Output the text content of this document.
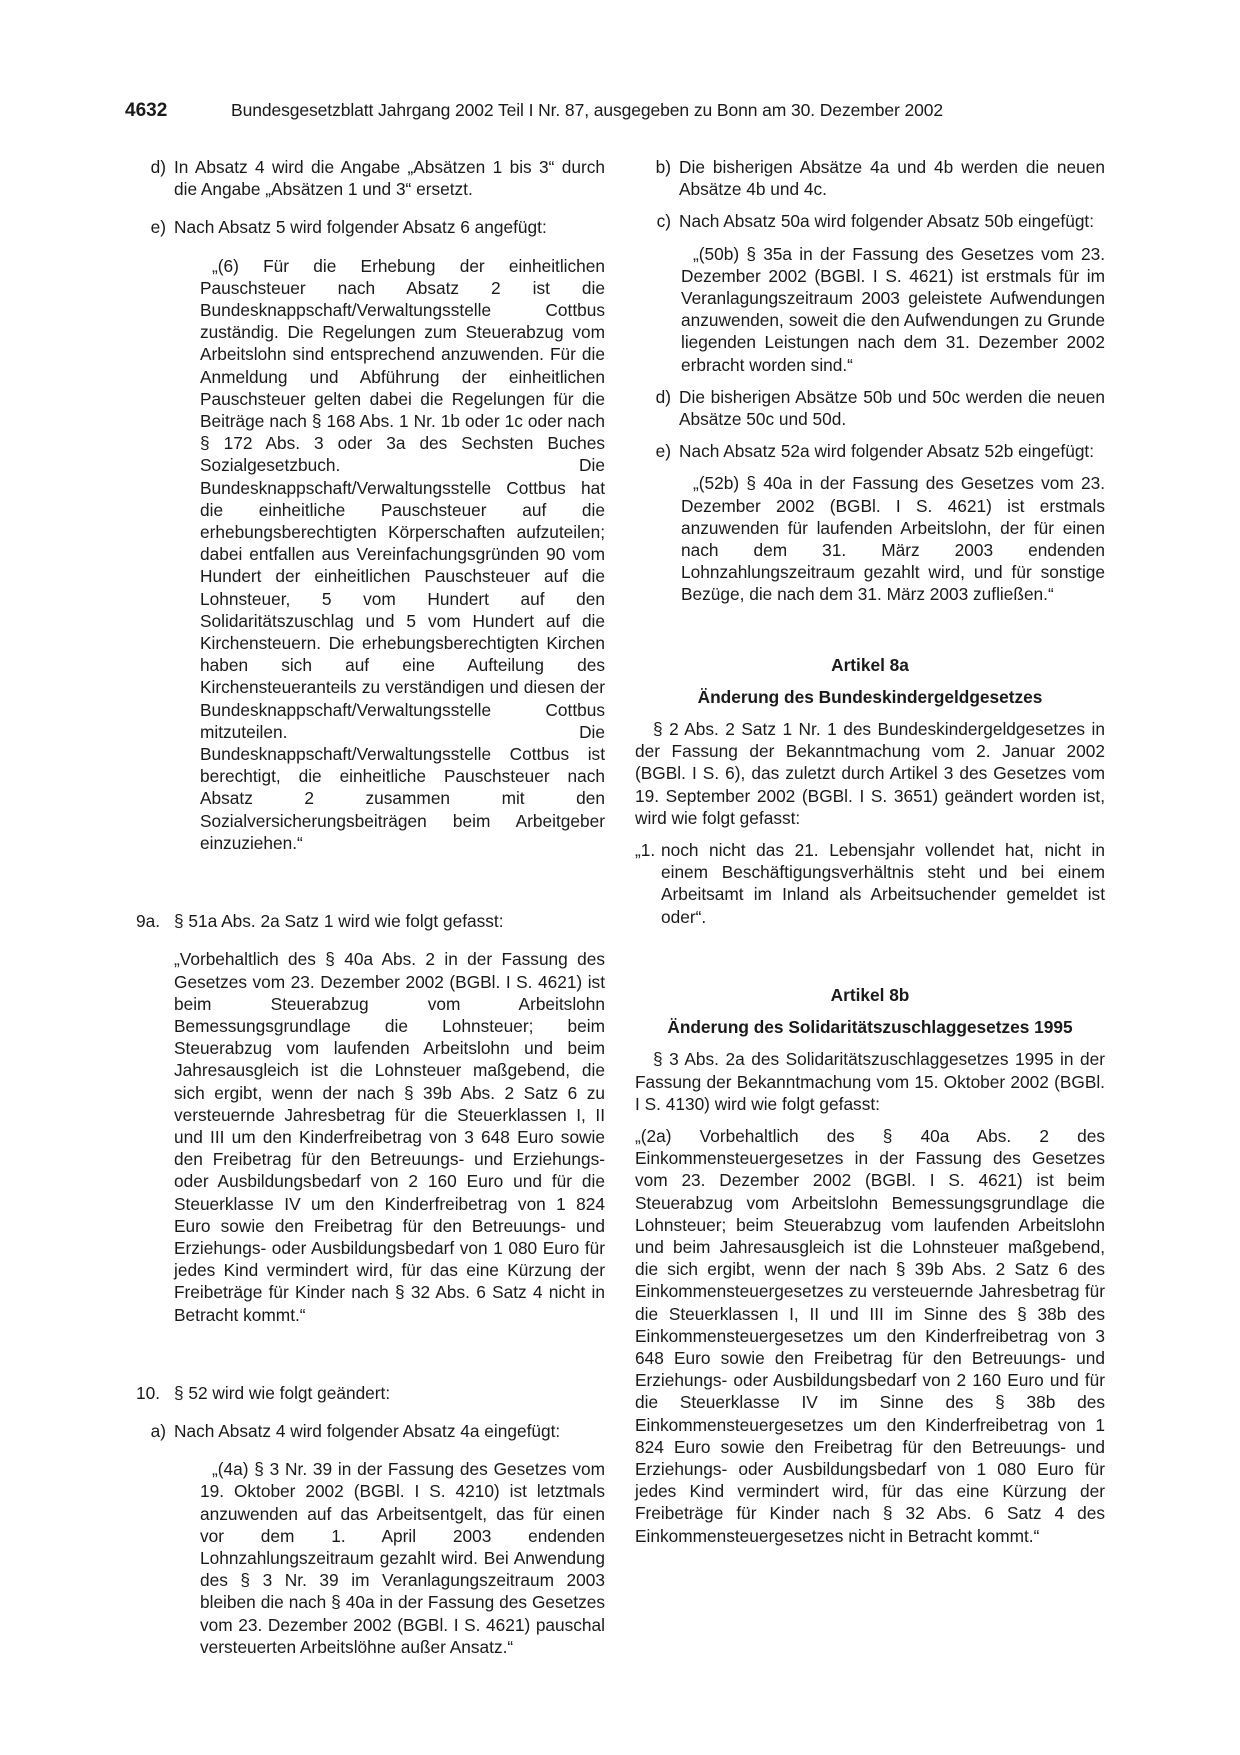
4632	Bundesgesetzblatt Jahrgang 2002 Teil I Nr. 87, ausgegeben zu Bonn am 30. Dezember 2002
d) In Absatz 4 wird die Angabe „Absätzen 1 bis 3“ durch die Angabe „Absätzen 1 und 3“ ersetzt.
e) Nach Absatz 5 wird folgender Absatz 6 angefügt:
„(6) Für die Erhebung der einheitlichen Pauschsteuer nach Absatz 2 ist die Bundesknappschaft/Verwaltungsstelle Cottbus zuständig. Die Regelungen zum Steuerabzug vom Arbeitslohn sind entsprechend anzuwenden. Für die Anmeldung und Abführung der einheitlichen Pauschsteuer gelten dabei die Regelungen für die Beiträge nach § 168 Abs. 1 Nr. 1b oder 1c oder nach § 172 Abs. 3 oder 3a des Sechsten Buches Sozialgesetzbuch. Die Bundesknappschaft/Verwaltungsstelle Cottbus hat die einheitliche Pauschsteuer auf die erhebungsberechtigten Körperschaften aufzuteilen; dabei entfallen aus Vereinfachungsgründen 90 vom Hundert der einheitlichen Pauschsteuer auf die Lohnsteuer, 5 vom Hundert auf den Solidaritätszuschlag und 5 vom Hundert auf die Kirchensteuern. Die erhebungsberechtigten Kirchen haben sich auf eine Aufteilung des Kirchensteueranteils zu verständigen und diesen der Bundesknappschaft/Verwaltungsstelle Cottbus mitzuteilen. Die Bundesknappschaft/Verwaltungsstelle Cottbus ist berechtigt, die einheitliche Pauschsteuer nach Absatz 2 zusammen mit den Sozialversicherungsbeiträgen beim Arbeitgeber einzuziehen.“
9a. § 51a Abs. 2a Satz 1 wird wie folgt gefasst:
„Vorbehaltlich des § 40a Abs. 2 in der Fassung des Gesetzes vom 23. Dezember 2002 (BGBl. I S. 4621) ist beim Steuerabzug vom Arbeitslohn Bemessungsgrundlage die Lohnsteuer; beim Steuerabzug vom laufenden Arbeitslohn und beim Jahresausgleich ist die Lohnsteuer maßgebend, die sich ergibt, wenn der nach § 39b Abs. 2 Satz 6 zu versteuernde Jahresbetrag für die Steuerklassen I, II und III um den Kinderfreibetrag von 3 648 Euro sowie den Freibetrag für den Betreuungs- und Erziehungs- oder Ausbildungsbedarf von 2 160 Euro und für die Steuerklasse IV um den Kinderfreibetrag von 1 824 Euro sowie den Freibetrag für den Betreuungs- und Erziehungs- oder Ausbildungsbedarf von 1 080 Euro für jedes Kind vermindert wird, für das eine Kürzung der Freibeträge für Kinder nach § 32 Abs. 6 Satz 4 nicht in Betracht kommt.“
10. § 52 wird wie folgt geändert:
a) Nach Absatz 4 wird folgender Absatz 4a eingefügt:
„(4a) § 3 Nr. 39 in der Fassung des Gesetzes vom 19. Oktober 2002 (BGBl. I S. 4210) ist letztmals anzuwenden auf das Arbeitsentgelt, das für einen vor dem 1. April 2003 endenden Lohnzahlungszeitraum gezahlt wird. Bei Anwendung des § 3 Nr. 39 im Veranlagungszeitraum 2003 bleiben die nach § 40a in der Fassung des Gesetzes vom 23. Dezember 2002 (BGBl. I S. 4621) pauschal versteuerten Arbeitslöhne außer Ansatz.“
b) Die bisherigen Absätze 4a und 4b werden die neuen Absätze 4b und 4c.
c) Nach Absatz 50a wird folgender Absatz 50b eingefügt:
„(50b) § 35a in der Fassung des Gesetzes vom 23. Dezember 2002 (BGBl. I S. 4621) ist erstmals für im Veranlagungszeitraum 2003 geleistete Aufwendungen anzuwenden, soweit die den Aufwendungen zu Grunde liegenden Leistungen nach dem 31. Dezember 2002 erbracht worden sind.“
d) Die bisherigen Absätze 50b und 50c werden die neuen Absätze 50c und 50d.
e) Nach Absatz 52a wird folgender Absatz 52b eingefügt:
„(52b) § 40a in der Fassung des Gesetzes vom 23. Dezember 2002 (BGBl. I S. 4621) ist erstmals anzuwenden für laufenden Arbeitslohn, der für einen nach dem 31. März 2003 endenden Lohnzahlungszeitraum gezahlt wird, und für sonstige Bezüge, die nach dem 31. März 2003 zufließen.“
Artikel 8a
Änderung des Bundeskindergeldgesetzes
§ 2 Abs. 2 Satz 1 Nr. 1 des Bundeskindergeldgesetzes in der Fassung der Bekanntmachung vom 2. Januar 2002 (BGBl. I S. 6), das zuletzt durch Artikel 3 des Gesetzes vom 19. September 2002 (BGBl. I S. 3651) geändert worden ist, wird wie folgt gefasst:
„1. noch nicht das 21. Lebensjahr vollendet hat, nicht in einem Beschäftigungsverhältnis steht und bei einem Arbeitsamt im Inland als Arbeitsuchender gemeldet ist oder“.
Artikel 8b
Änderung des Solidaritätszuschlaggesetzes 1995
§ 3 Abs. 2a des Solidaritätszuschlaggesetzes 1995 in der Fassung der Bekanntmachung vom 15. Oktober 2002 (BGBl. I S. 4130) wird wie folgt gefasst:
„(2a) Vorbehaltlich des § 40a Abs. 2 des Einkommensteuergesetzes in der Fassung des Gesetzes vom 23. Dezember 2002 (BGBl. I S. 4621) ist beim Steuerabzug vom Arbeitslohn Bemessungsgrundlage die Lohnsteuer; beim Steuerabzug vom laufenden Arbeitslohn und beim Jahresausgleich ist die Lohnsteuer maßgebend, die sich ergibt, wenn der nach § 39b Abs. 2 Satz 6 des Einkommensteuergesetzes zu versteuernde Jahresbetrag für die Steuerklassen I, II und III im Sinne des § 38b des Einkommensteuergesetzes um den Kinderfreibetrag von 3 648 Euro sowie den Freibetrag für den Betreuungs- und Erziehungs- oder Ausbildungsbedarf von 2 160 Euro und für die Steuerklasse IV im Sinne des § 38b des Einkommensteuergesetzes um den Kinderfreibetrag von 1 824 Euro sowie den Freibetrag für den Betreuungs- und Erziehungs- oder Ausbildungsbedarf von 1 080 Euro für jedes Kind vermindert wird, für das eine Kürzung der Freibeträge für Kinder nach § 32 Abs. 6 Satz 4 des Einkommensteuergesetzes nicht in Betracht kommt.“
